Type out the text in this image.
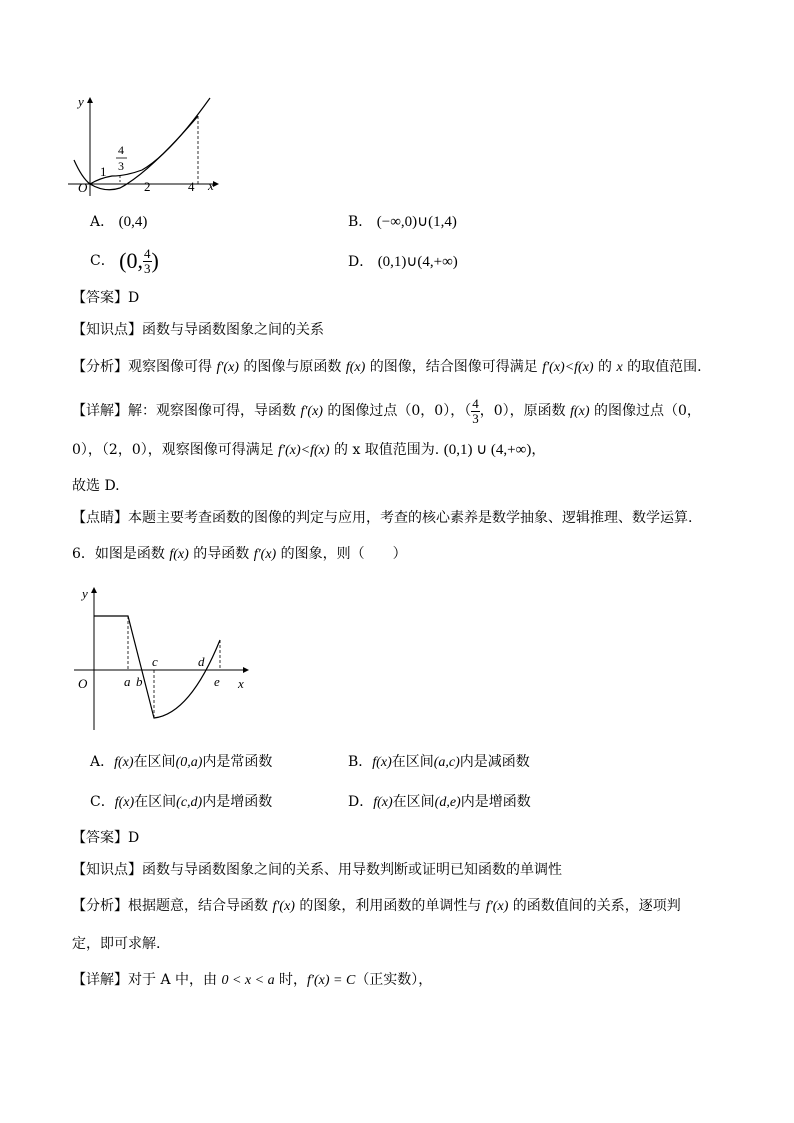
y
x
O
1
4
3
2	4
A． (0,4)	B． (−∞,0)∪(1,4)
C． (0, $\frac{4}{3}$ )	D． (0,1)∪(4,+∞)
【答案】D
【知识点】函数与导函数图象之间的关系
【分析】观察图像可得 f′(x) 的图像与原函数 f(x) 的图像，结合图像可得满足 f′(x)<f(x) 的 x 的取值范围.
【详解】解：观察图像可得，导函数 f′(x) 的图像过点（0，0），（ $\frac{4}{3}$ ，0），原函数 f(x) 的图像过点（0，
0），（2，0），观察图像可得满足 f′(x)<f(x) 的 x 取值范围为. (0,1) ∪ (4,+∞)，
故选 D.
【点睛】本题主要考查函数的图像的判定与应用，考查的核心素养是数学抽象、逻辑推理、数学运算.
6．如图是函数 f(x) 的导函数 f′(x) 的图象，则（　　）
y
x
O	a b
c	d
e
A．f(x)在区间(0,a)内是常函数	B．f(x)在区间(a,c)内是减函数
C．f(x)在区间(c,d)内是增函数	D．f(x)在区间(d,e)内是增函数
【答案】D
【知识点】函数与导函数图象之间的关系、用导数判断或证明已知函数的单调性
【分析】根据题意，结合导函数 f′(x) 的图象，利用函数的单调性与 f′(x) 的函数值间的关系，逐项判
定，即可求解.
【详解】对于 A 中，由 0 < x < a 时，f′(x) = C（正实数），
